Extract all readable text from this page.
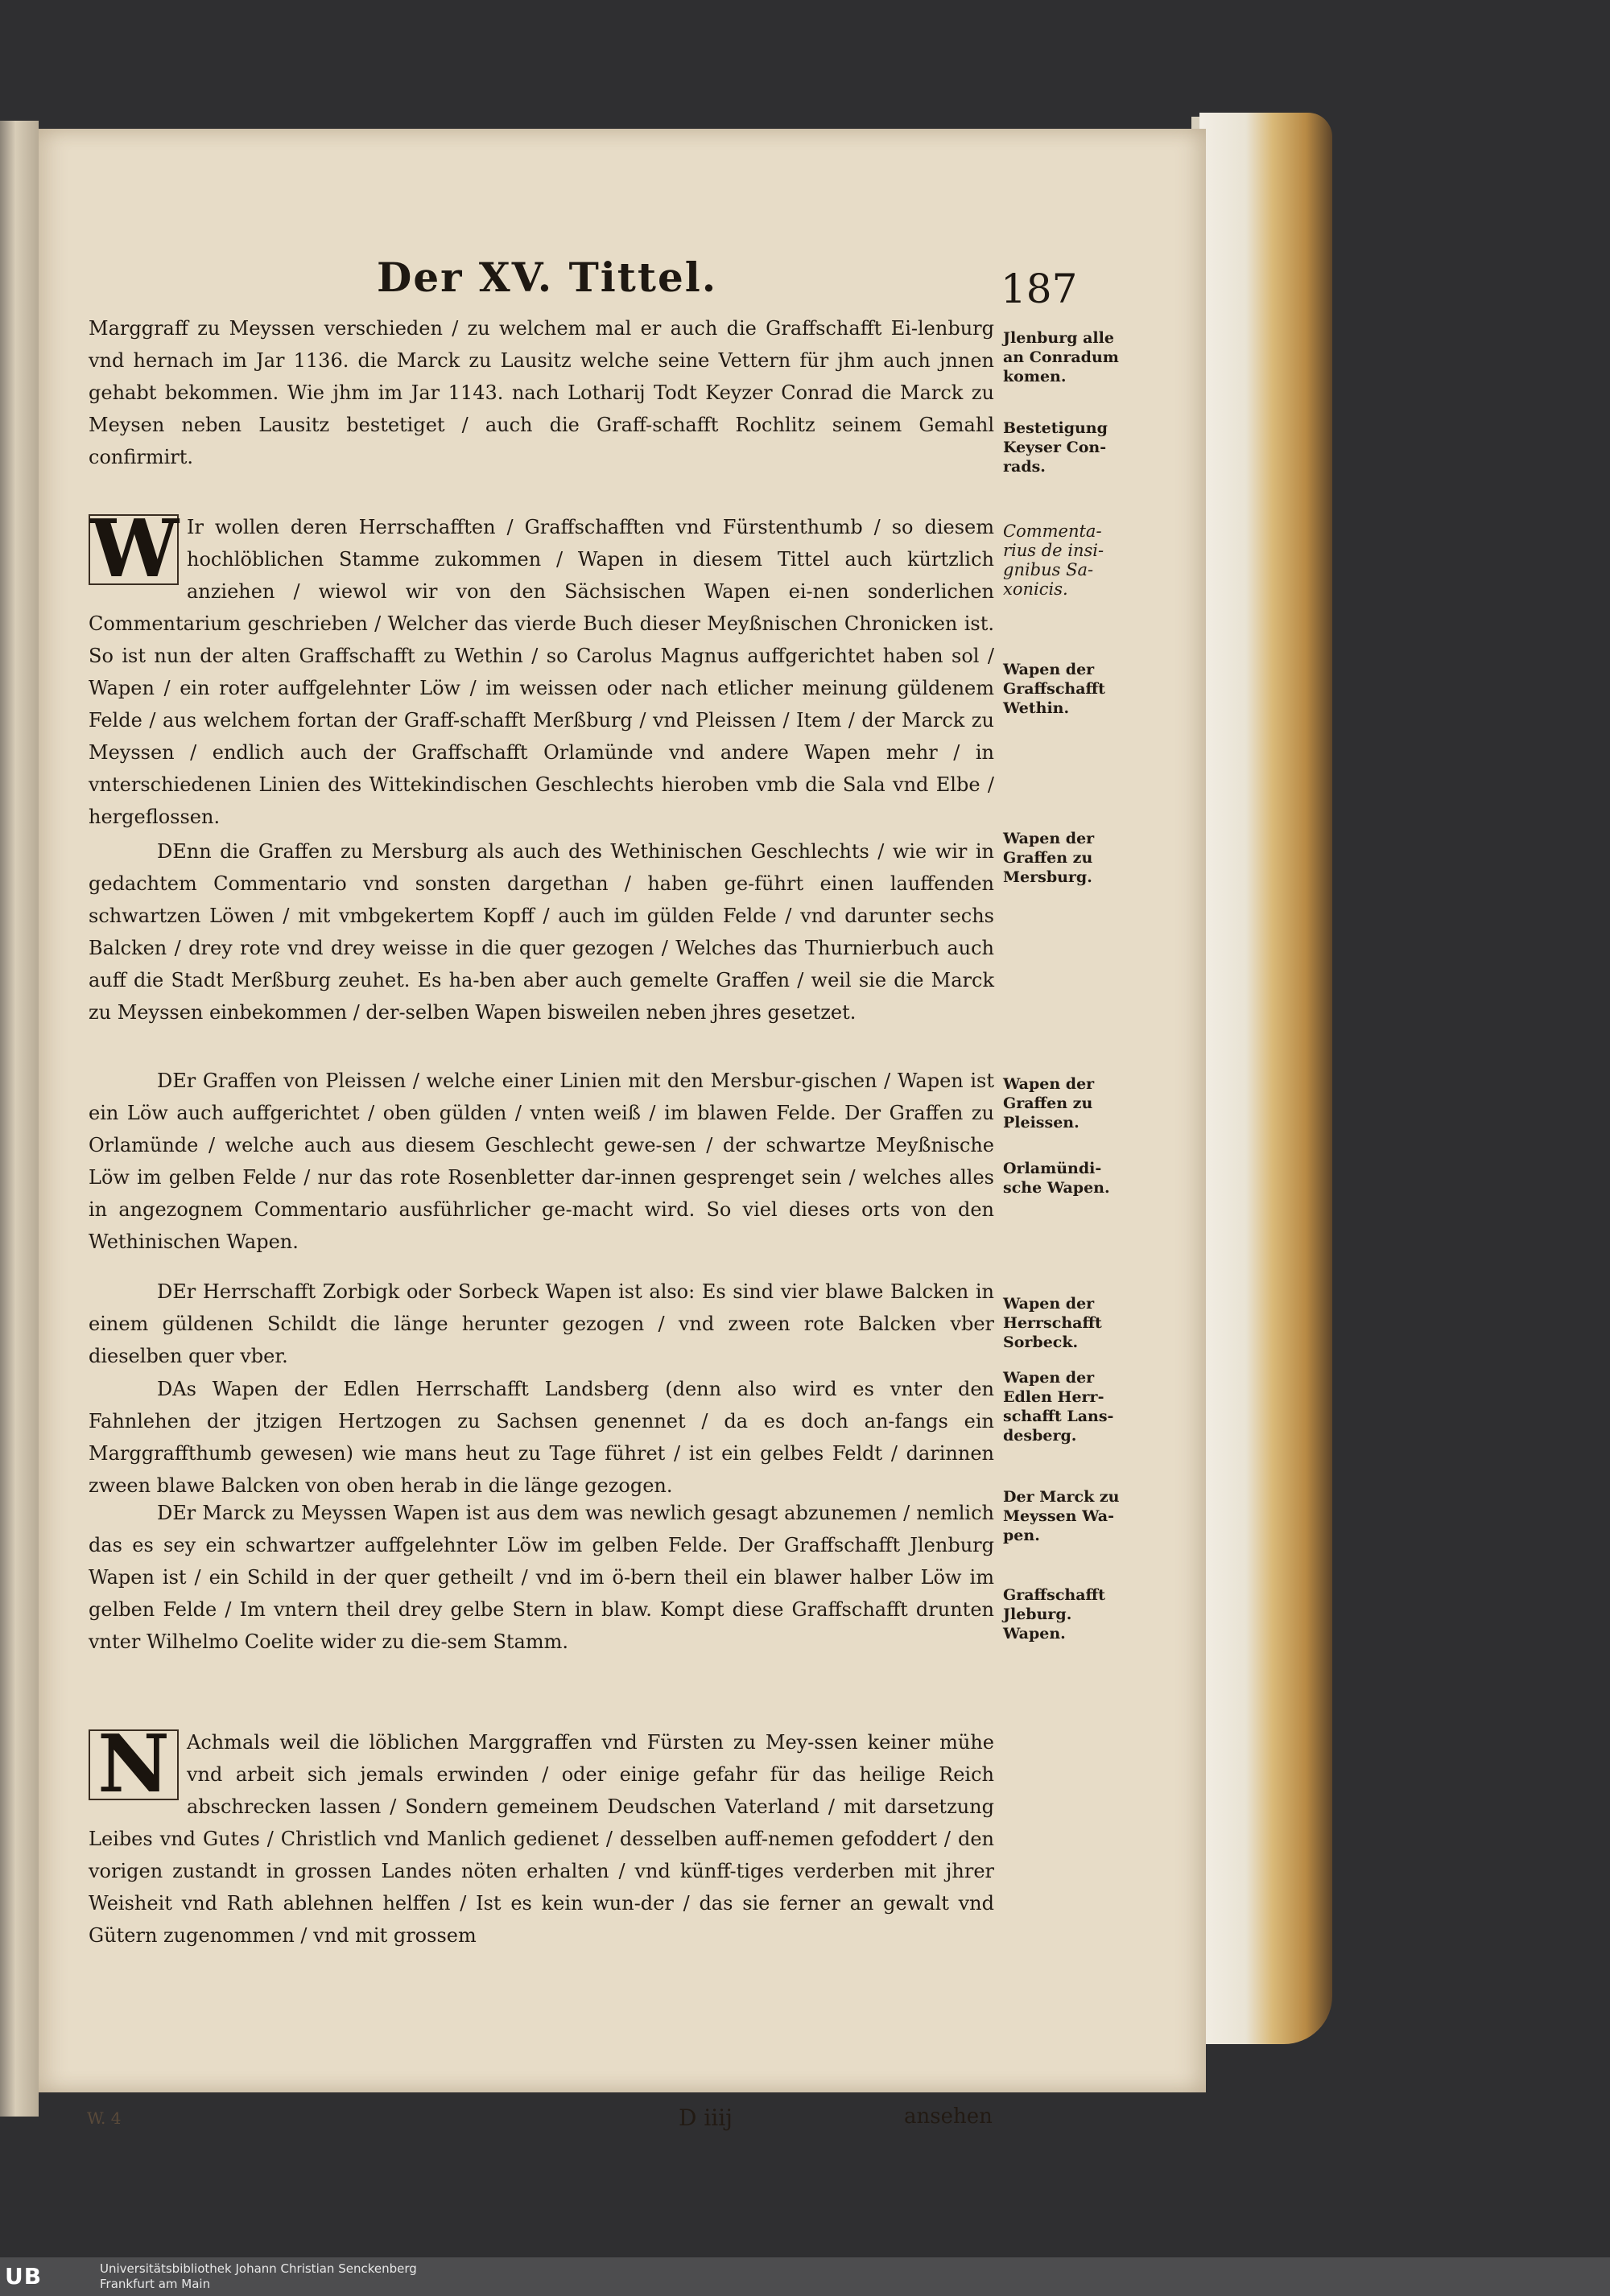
Der XV. Tittel.	187

Marggraff zu Meyssen verschieden / zu welchem mal er auch die Graffschafft Ei-lenburg vnd hernach im Jar 1136. die Marck zu Lausitz welche seine Vettern für jhm auch jnnen gehabt bekommen. Wie jhm im Jar 1143. nach Lotharij Todt Keyzer Conrad die Marck zu Meysen neben Lausitz bestetiget / auch die Graff-schafft Rochlitz seinem Gemahl confirmirt.

W Ir wollen deren Herrschafften / Graffschafften vnd Fürstenthumb / so diesem hochlöblichen Stamme zukommen / Wapen in diesem Tittel auch kürtzlich anziehen / wiewol wir von den Sächsischen Wapen ei-nen sonderlichen Commentarium geschrieben / Welcher das vierde Buch dieser Meyßnischen Chronicken ist. So ist nun der alten Graffschafft zu Wethin / so Carolus Magnus auffgerichtet haben sol / Wapen / ein roter auffgelehnter Löw / im weissen oder nach etlicher meinung güldenem Felde / aus welchem fortan der Graff-schafft Merßburg / vnd Pleissen / Item / der Marck zu Meyssen / endlich auch der Graffschafft Orlamünde vnd andere Wapen mehr / in vnterschiedenen Linien des Wittekindischen Geschlechts hieroben vmb die Sala vnd Elbe / hergeflossen.

DEnn die Graffen zu Mersburg als auch des Wethinischen Geschlechts / wie wir in gedachtem Commentario vnd sonsten dargethan / haben ge-führt einen lauffenden schwartzen Löwen / mit vmbgekertem Kopff / auch im gülden Felde / vnd darunter sechs Balcken / drey rote vnd drey weisse in die quer gezogen / Welches das Thurnierbuch auch auff die Stadt Merßburg zeuhet. Es ha-ben aber auch gemelte Graffen / weil sie die Marck zu Meyssen einbekommen / der-selben Wapen bisweilen neben jhres gesetzet.

DEr Graffen von Pleissen / welche einer Linien mit den Mersbur-gischen / Wapen ist ein Löw auch auffgerichtet / oben gülden / vnten weiß / im blawen Felde. Der Graffen zu Orlamünde / welche auch aus diesem Geschlecht gewe-sen / der schwartze Meyßnische Löw im gelben Felde / nur das rote Rosenbletter dar-innen gesprenget sein / welches alles in angezognem Commentario ausführlicher ge-macht wird. So viel dieses orts von den Wethinischen Wapen.

DEr Herrschafft Zorbigk oder Sorbeck Wapen ist also: Es sind vier blawe Balcken in einem güldenen Schildt die länge herunter gezogen / vnd zween rote Balcken vber dieselben quer vber.

DAs Wapen der Edlen Herrschafft Landsberg (denn also wird es vnter den Fahnlehen der jtzigen Hertzogen zu Sachsen genennet / da es doch an-fangs ein Marggraffthumb gewesen) wie mans heut zu Tage führet / ist ein gelbes Feldt / darinnen zween blawe Balcken von oben herab in die länge gezogen.

DEr Marck zu Meyssen Wapen ist aus dem was newlich gesagt abzunemen / nemlich das es sey ein schwartzer auffgelehnter Löw im gelben Felde. Der Graffschafft Jlenburg Wapen ist / ein Schild in der quer getheilt / vnd im ö-bern theil ein blawer halber Löw im gelben Felde / Im vntern theil drey gelbe Stern in blaw. Kompt diese Graffschafft drunten vnter Wilhelmo Coelite wider zu die-sem Stamm.

N Achmals weil die löblichen Marggraffen vnd Fürsten zu Mey-ssen keiner mühe vnd arbeit sich jemals erwinden / oder einige gefahr für das heilige Reich abschrecken lassen / Sondern gemeinem Deudschen Vaterland / mit darsetzung Leibes vnd Gutes / Christlich vnd Manlich gedienet / desselben auff-nemen gefoddert / den vorigen zustandt in grossen Landes nöten erhalten / vnd künff-tiges verderben mit jhrer Weisheit vnd Rath ablehnen helffen / Ist es kein wun-der / das sie ferner an gewalt vnd Gütern zugenommen / vnd mit grossem

Jlenburg alle an Conradum komen.
Bestetigung Keyser Con-rads.
Commenta-rius de insi-gnibus Sa-xonicis.
Wapen der Graffschafft Wethin.
Wapen der Graffen zu Mersburg.
Wapen der Graffen zu Pleissen.
Orlamündi-sche Wapen.
Wapen der Herrschafft Sorbeck.
Wapen der Edlen Herr-schafft Lans-desberg.
Der Marck zu Meyssen Wa-pen.
Graffschafft Jleburg. Wapen.
W. 4	D iiij	ansehen
UB	Universitätsbibliothek Johann Christian Senckenberg
Frankfurt am Main
